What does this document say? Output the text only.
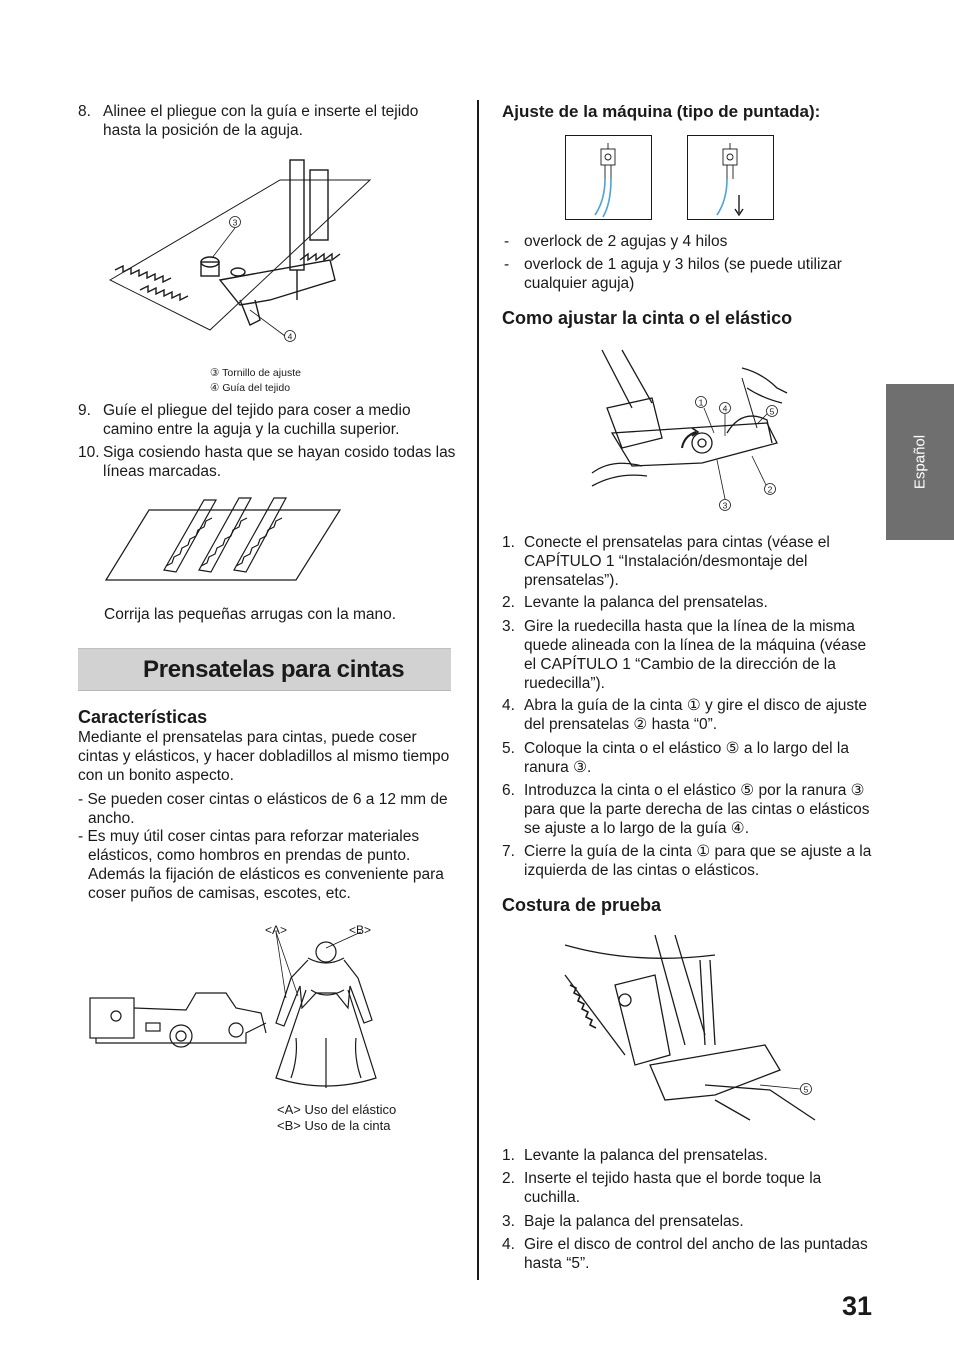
8. Alinee el pliegue con la guía e inserte el tejido hasta la posición de la aguja.
3
4
③ Tornillo de ajuste
④ Guía del tejido
9. Guíe el pliegue del tejido para coser a medio camino entre la aguja y la cuchilla superior.
10. Siga cosiendo hasta que se hayan cosido todas las líneas marcadas.
Corrija las pequeñas arrugas con la mano.
Prensatelas para cintas
Características
Mediante el prensatelas para cintas, puede coser cintas y elásticos, y hacer dobladillos al mismo tiempo con un bonito aspecto.
- Se pueden coser cintas o elásticos de 6 a 12 mm de ancho.
- Es muy útil coser cintas para reforzar materiales elásticos, como hombros en prendas de punto. Además la fijación de elásticos es conveniente para coser puños de camisas, escotes, etc.
<A>	<B>
<A> Uso del elástico
<B> Uso de la cinta
Ajuste de la máquina (tipo de puntada):
- overlock de 2 agujas y 4 hilos
- overlock de 1 aguja y 3 hilos (se puede utilizar cualquier aguja)
Como ajustar la cinta o el elástico
1
4	5
2
3
1. Conecte el prensatelas para cintas (véase el CAPÍTULO 1 “Instalación/desmontaje del prensatelas”).
2. Levante la palanca del prensatelas.
3. Gire la ruedecilla hasta que la línea de la misma quede alineada con la línea de la máquina (véase el CAPÍTULO 1 “Cambio de la dirección de la ruedecilla”).
4. Abra la guía de la cinta ① y gire el disco de ajuste del prensatelas ② hasta “0”.
5. Coloque la cinta o el elástico ⑤ a lo largo del la ranura ③.
6. Introduzca la cinta o el elástico ⑤ por la ranura ③ para que la parte derecha de las cintas o elásticos se ajuste a lo largo de la guía ④.
7. Cierre la guía de la cinta ① para que se ajuste a la izquierda de las cintas o elásticos.
Costura de prueba
5
1. Levante la palanca del prensatelas.
2. Inserte el tejido hasta que el borde toque la cuchilla.
3. Baje la palanca del prensatelas.
4. Gire el disco de control del ancho de las puntadas hasta “5”.
Español
31
